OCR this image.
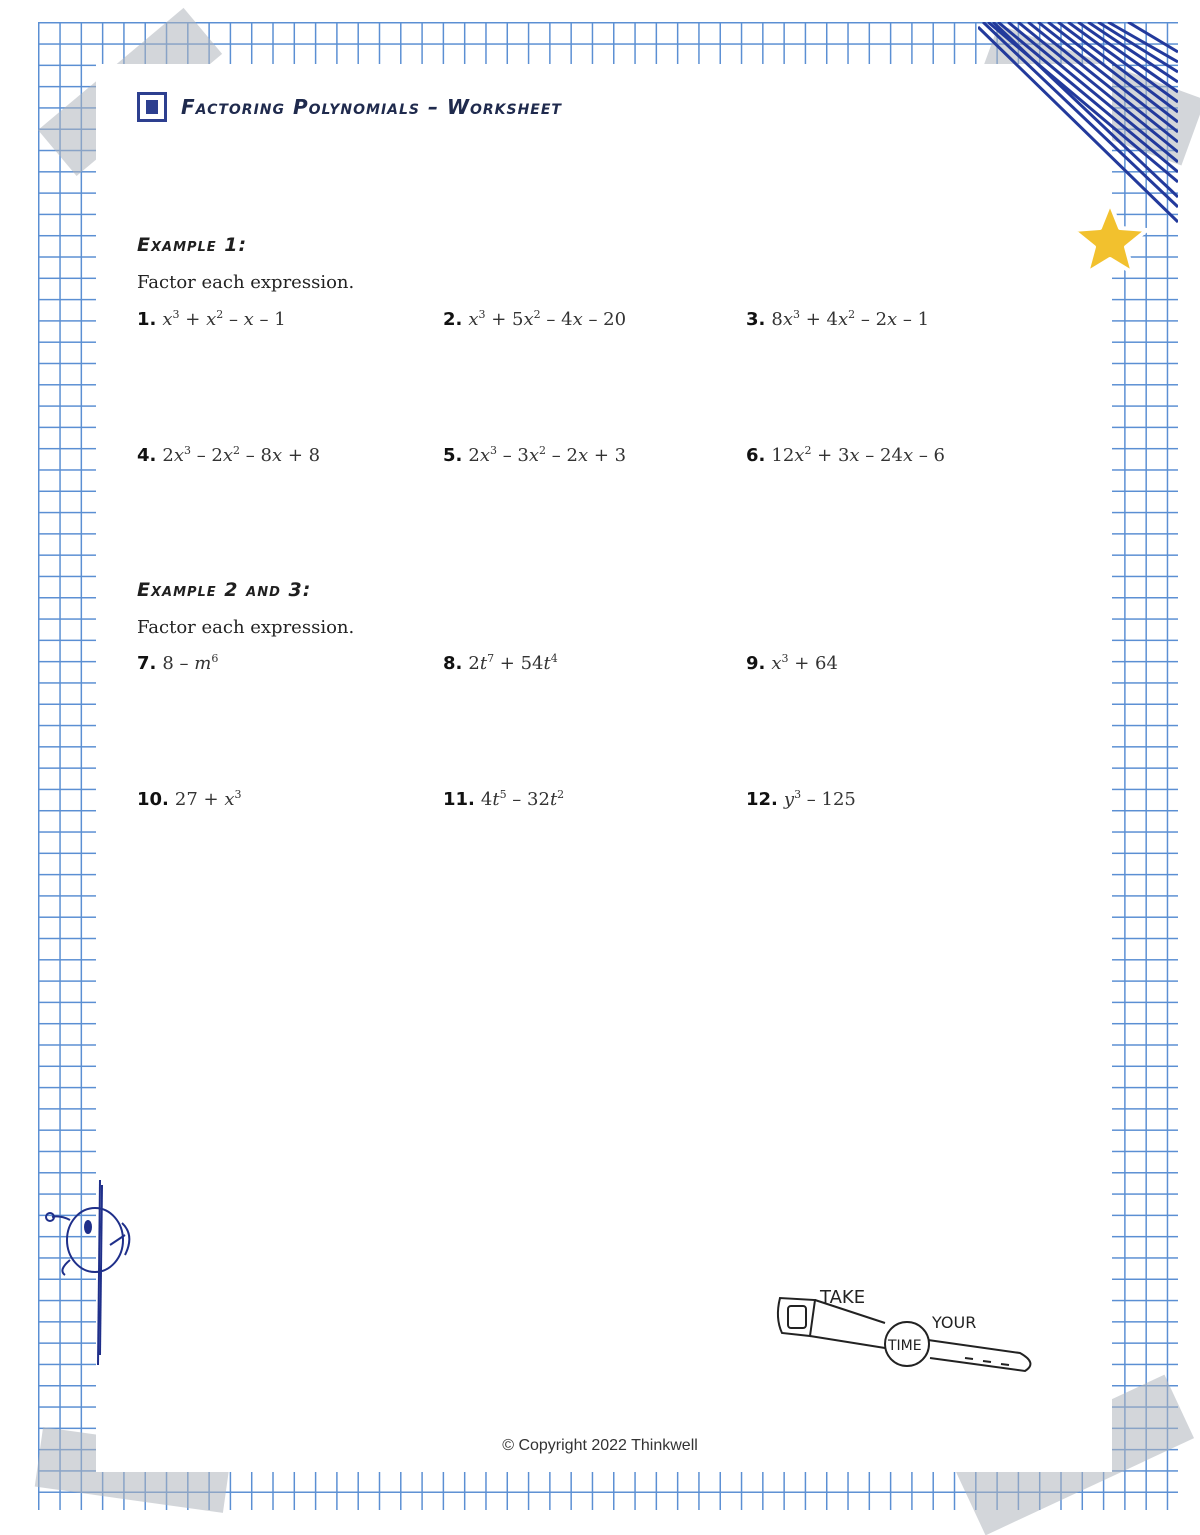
Factoring Polynomials – Worksheet
Example 1:
Factor each expression.
1. $x^3 + x^2 - x - 1$	2. $x^3 + 5x^2 - 4x - 20$	3. $8x^3 + 4x^2 - 2x - 1$
4. $2x^3 - 2x^2 - 8x + 8$	5. $2x^3 - 3x^2 - 2x + 3$	6. $12x^2 + 3x - 24x - 6$
Example 2 and 3:
Factor each expression.
7. $8 - m^6$	8. $2t^7 + 54t^4$	9. $x^3 + 64$
10. $27 + x^3$	11. $4t^5 - 32t^2$	12. $y^3 - 125$
TAKE
YOUR
TIME
© Copyright 2022 Thinkwell
